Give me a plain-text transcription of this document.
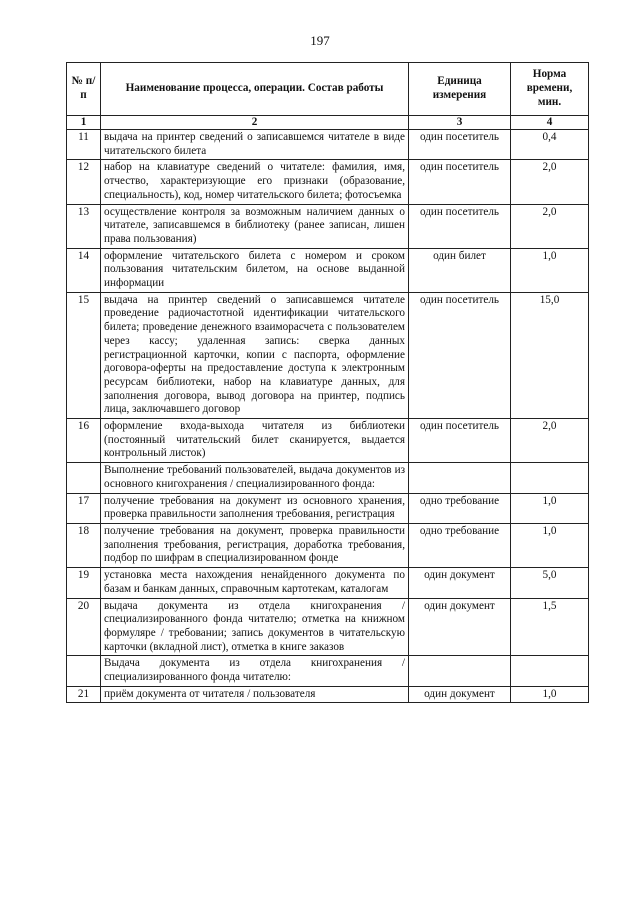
197
№ п/п	Наименование процесса, операции. Состав работы	Единица измерения	Норма времени, мин.
1	2	3	4
11	выдача на принтер сведений о записавшемся читателе в виде читательского билета	один посетитель	0,4
12	набор на клавиатуре сведений о читателе: фамилия, имя, отчество, характеризующие его признаки (образование, специальность), код, номер читательского билета; фотосъемка	один посетитель	2,0
13	осуществление контроля за возможным наличием данных о читателе, записавшемся в библиотеку (ранее записан, лишен права пользования)	один посетитель	2,0
14	оформление читательского билета с номером и сроком пользования читательским билетом, на основе выданной информации	один билет	1,0
15	выдача на принтер сведений о записавшемся читателе проведение радиочастотной идентификации читательского билета; проведение денежного взаиморасчета с пользователем через кассу; удаленная запись: сверка данных регистрационной карточки, копии с паспорта, оформление договора-оферты на предоставление доступа к электронным ресурсам библиотеки, набор на клавиатуре данных, для заполнения договора, вывод договора на принтер, подпись лица, заключавшего договор	один посетитель	15,0
16	оформление входа-выхода читателя из библиотеки (постоянный читательский билет сканируется, выдается контрольный листок)	один посетитель	2,0
	Выполнение требований пользователей, выдача документов из основного книгохранения / специализированного фонда:		
17	получение требования на документ из основного хранения, проверка правильности заполнения требования, регистрация	одно требование	1,0
18	получение требования на документ, проверка правильности заполнения требования, регистрация, доработка требования, подбор по шифрам в специализированном фонде	одно требование	1,0
19	установка места нахождения ненайденного документа по базам и банкам данных, справочным картотекам, каталогам	один документ	5,0
20	выдача документа из отдела книгохранения / специализированного фонда читателю; отметка на книжном формуляре / требовании; запись документов в читательскую карточки (вкладной лист), отметка в книге заказов	один документ	1,5
	Выдача документа из отдела книгохранения / специализированного фонда читателю:		
21	приём документа от читателя / пользователя	один документ	1,0
